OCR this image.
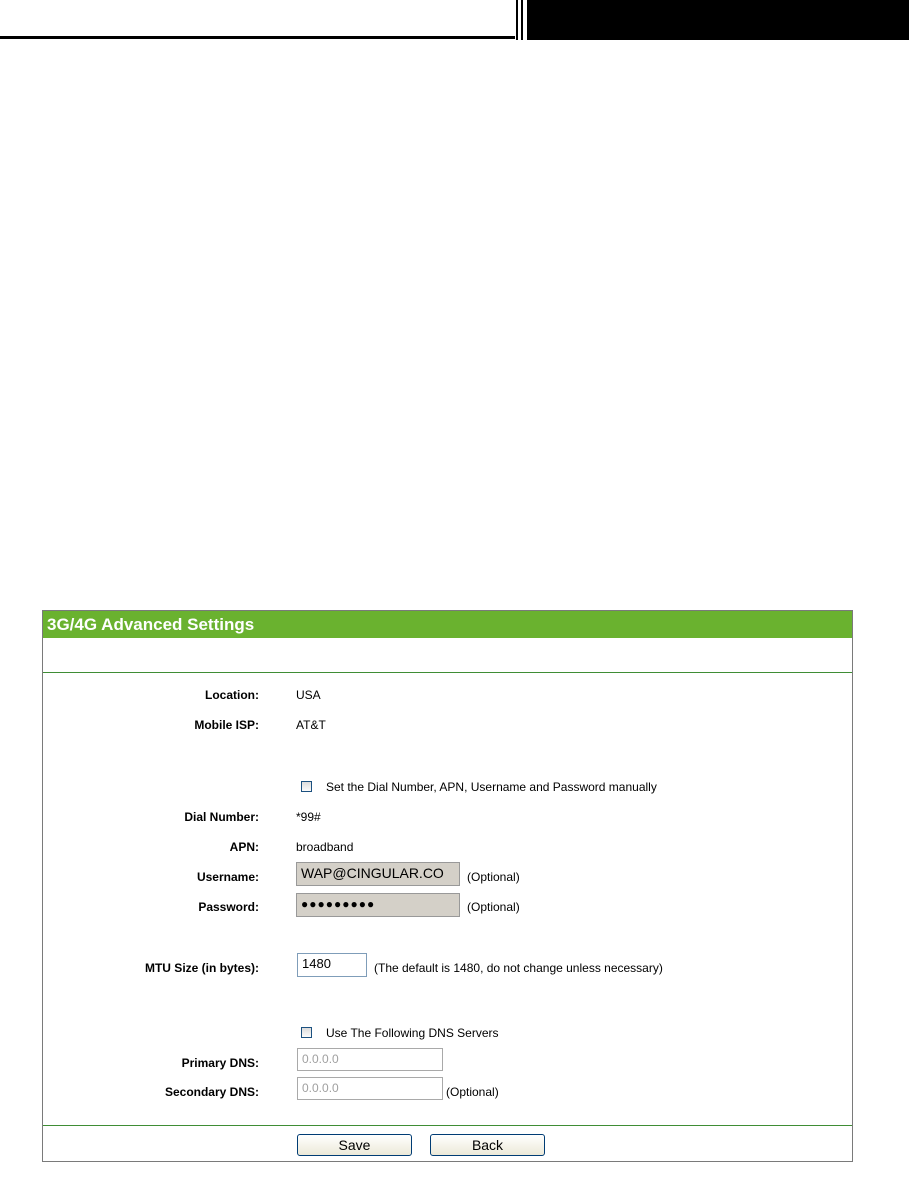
3G/4G Advanced Settings
Location:	USA
Mobile ISP:	AT&T
Set the Dial Number, APN, Username and Password manually
Dial Number:	*99#
APN:	broadband
Username:	WAP@CINGULAR.CO	(Optional)
Password:	●●●●●●●●●	(Optional)
MTU Size (in bytes):	1480	(The default is 1480, do not change unless necessary)
Use The Following DNS Servers
Primary DNS:	0.0.0.0
Secondary DNS:	0.0.0.0	(Optional)
Save	Back
